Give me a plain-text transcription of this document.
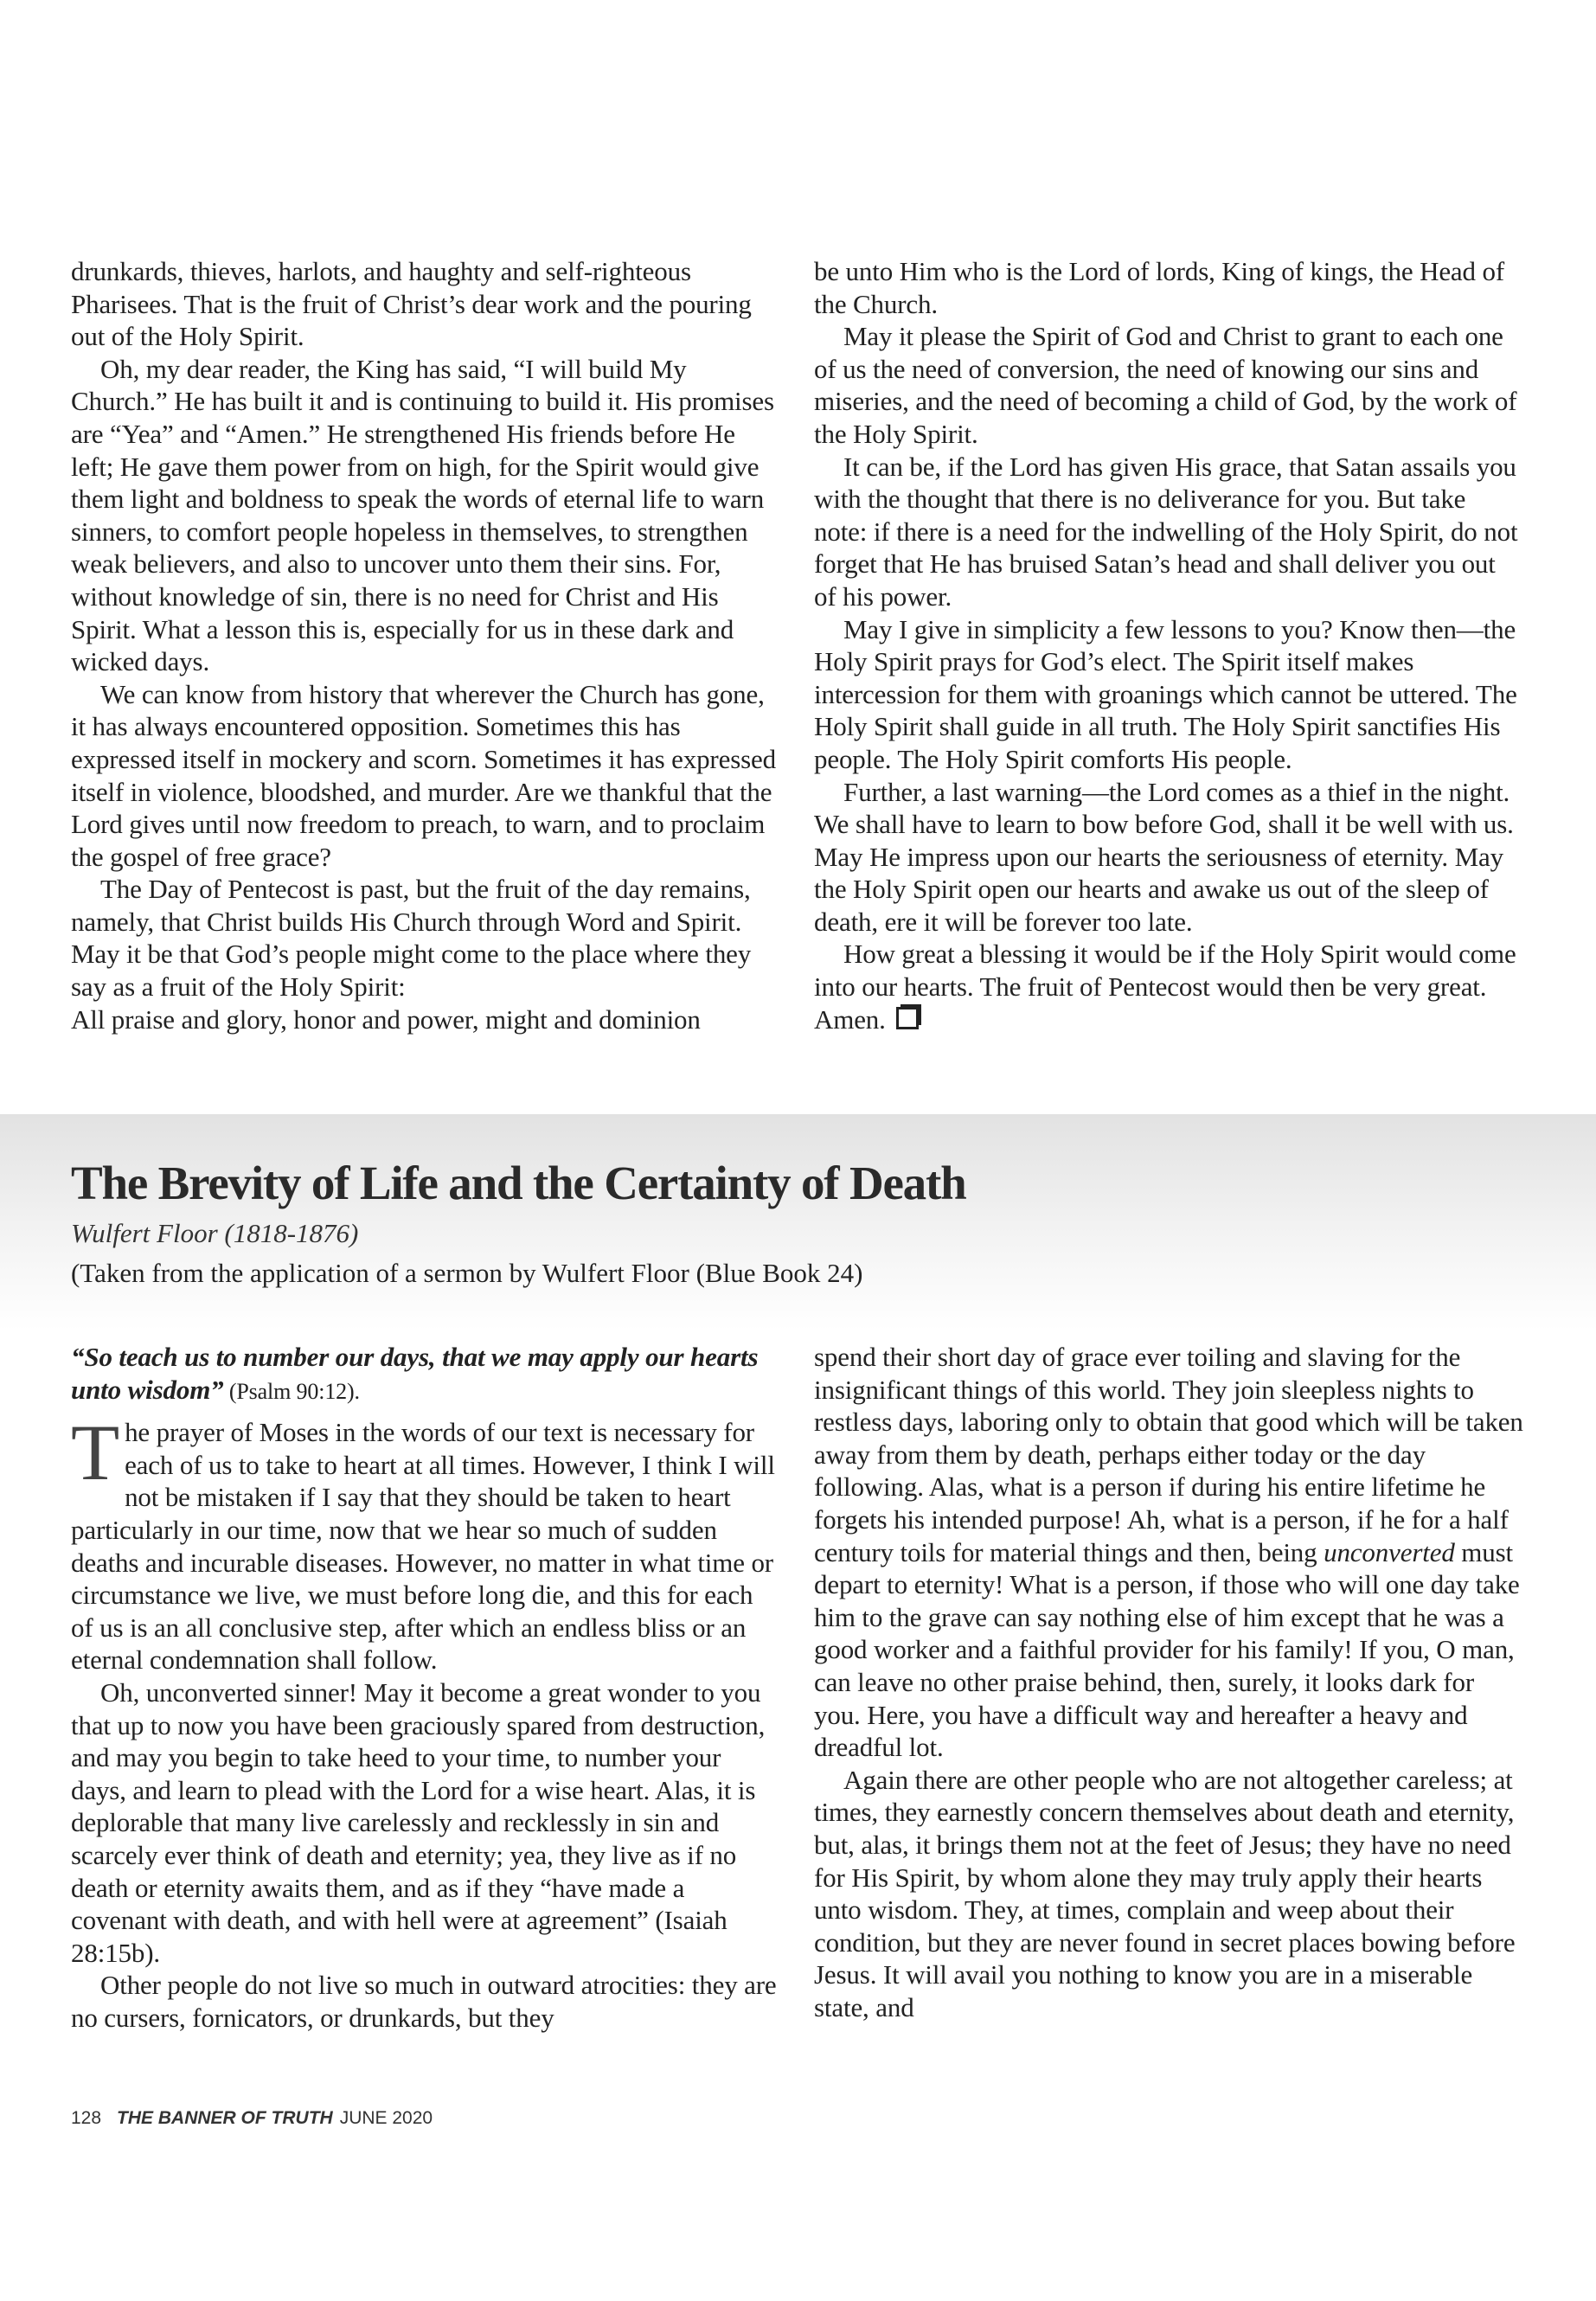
drunkards, thieves, harlots, and haughty and self-righteous Pharisees. That is the fruit of Christ’s dear work and the pouring out of the Holy Spirit.

Oh, my dear reader, the King has said, “I will build My Church.” He has built it and is continuing to build it. His promises are “Yea” and “Amen.” He strengthened His friends before He left; He gave them power from on high, for the Spirit would give them light and boldness to speak the words of eternal life to warn sinners, to comfort people hopeless in themselves, to strengthen weak believers, and also to uncover unto them their sins. For, without knowledge of sin, there is no need for Christ and His Spirit. What a lesson this is, especially for us in these dark and wicked days.

We can know from history that wherever the Church has gone, it has always encountered opposition. Sometimes this has expressed itself in mockery and scorn. Sometimes it has expressed itself in violence, bloodshed, and murder. Are we thankful that the Lord gives until now freedom to preach, to warn, and to proclaim the gospel of free grace?

The Day of Pentecost is past, but the fruit of the day remains, namely, that Christ builds His Church through Word and Spirit. May it be that God’s people might come to the place where they say as a fruit of the Holy Spirit:

All praise and glory, honor and power, might and dominion

be unto Him who is the Lord of lords, King of kings, the Head of the Church.

May it please the Spirit of God and Christ to grant to each one of us the need of conversion, the need of knowing our sins and miseries, and the need of becoming a child of God, by the work of the Holy Spirit.

It can be, if the Lord has given His grace, that Satan assails you with the thought that there is no deliverance for you. But take note: if there is a need for the indwelling of the Holy Spirit, do not forget that He has bruised Satan’s head and shall deliver you out of his power.

May I give in simplicity a few lessons to you? Know then—the Holy Spirit prays for God’s elect. The Spirit itself makes intercession for them with groanings which cannot be uttered. The Holy Spirit shall guide in all truth. The Holy Spirit sanctifies His people. The Holy Spirit comforts His people.

Further, a last warning—the Lord comes as a thief in the night. We shall have to learn to bow before God, shall it be well with us. May He impress upon our hearts the seriousness of eternity. May the Holy Spirit open our hearts and awake us out of the sleep of death, ere it will be forever too late.

How great a blessing it would be if the Holy Spirit would come into our hearts. The fruit of Pentecost would then be very great. Amen.

The Brevity of Life and the Certainty of Death

Wulfert Floor (1818-1876)

(Taken from the application of a sermon by Wulfert Floor (Blue Book 24)

“So teach us to number our days, that we may apply our hearts unto wisdom” (Psalm 90:12).

The prayer of Moses in the words of our text is necessary for each of us to take to heart at all times. However, I think I will not be mistaken if I say that they should be taken to heart particularly in our time, now that we hear so much of sudden deaths and incurable diseases. However, no matter in what time or circumstance we live, we must before long die, and this for each of us is an all conclusive step, after which an endless bliss or an eternal condemnation shall follow.

Oh, unconverted sinner! May it become a great wonder to you that up to now you have been graciously spared from destruction, and may you begin to take heed to your time, to number your days, and learn to plead with the Lord for a wise heart. Alas, it is deplorable that many live carelessly and recklessly in sin and scarcely ever think of death and eternity; yea, they live as if no death or eternity awaits them, and as if they “have made a covenant with death, and with hell were at agreement” (Isaiah 28:15b).

Other people do not live so much in outward atrocities: they are no cursers, fornicators, or drunkards, but they

spend their short day of grace ever toiling and slaving for the insignificant things of this world. They join sleepless nights to restless days, laboring only to obtain that good which will be taken away from them by death, perhaps either today or the day following. Alas, what is a person if during his entire lifetime he forgets his intended purpose! Ah, what is a person, if he for a half century toils for material things and then, being unconverted must depart to eternity! What is a person, if those who will one day take him to the grave can say nothing else of him except that he was a good worker and a faithful provider for his family! If you, O man, can leave no other praise behind, then, surely, it looks dark for you. Here, you have a difficult way and hereafter a heavy and dreadful lot.

Again there are other people who are not altogether careless; at times, they earnestly concern themselves about death and eternity, but, alas, it brings them not at the feet of Jesus; they have no need for His Spirit, by whom alone they may truly apply their hearts unto wisdom. They, at times, complain and weep about their condition, but they are never found in secret places bowing before Jesus. It will avail you nothing to know you are in a miserable state, and

128 THE BANNER OF TRUTH JUNE 2020
